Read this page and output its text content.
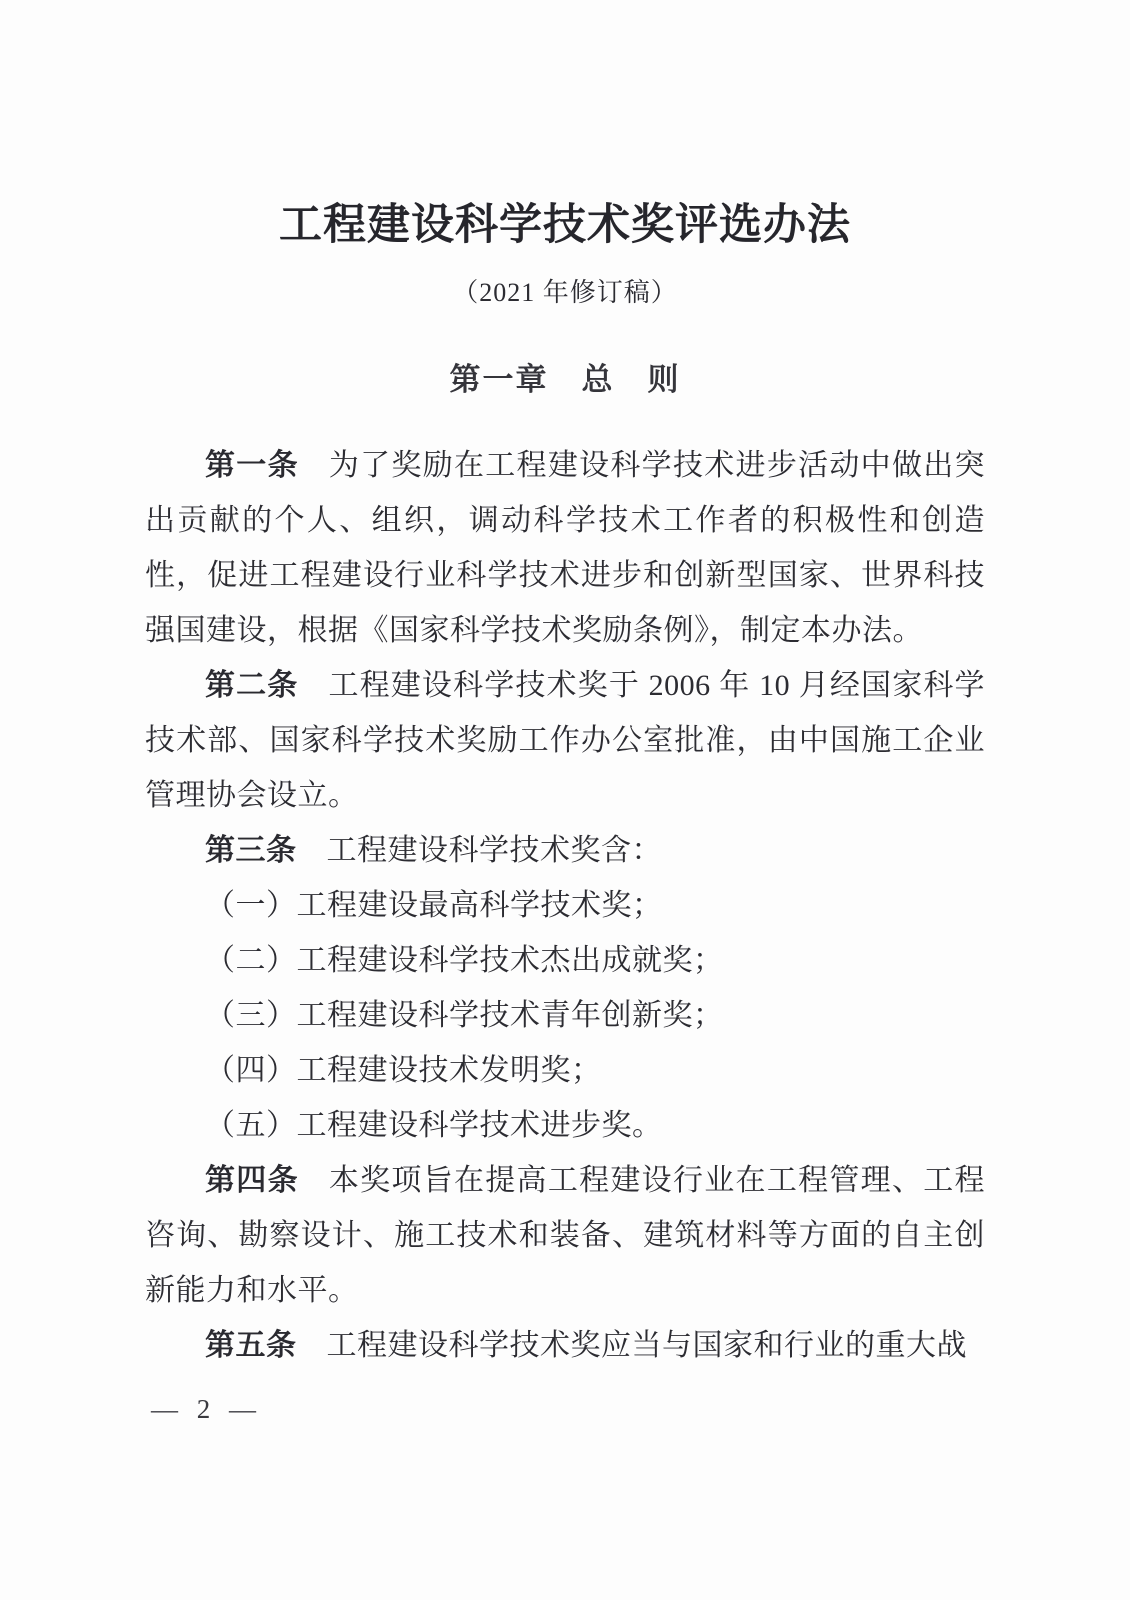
工程建设科学技术奖评选办法
（2021 年修订稿）
第一章　总　则

第一条 为了奖励在工程建设科学技术进步活动中做出突出贡献的个人、组织，调动科学技术工作者的积极性和创造性，促进工程建设行业科学技术进步和创新型国家、世界科技强国建设，根据《国家科学技术奖励条例》，制定本办法。

第二条 工程建设科学技术奖于 2006 年 10 月经国家科学技术部、国家科学技术奖励工作办公室批准，由中国施工企业管理协会设立。

第三条 工程建设科学技术奖含：

（一）工程建设最高科学技术奖；

（二）工程建设科学技术杰出成就奖；

（三）工程建设科学技术青年创新奖；

（四）工程建设技术发明奖；

（五）工程建设科学技术进步奖。

第四条 本奖项旨在提高工程建设行业在工程管理、工程咨询、勘察设计、施工技术和装备、建筑材料等方面的自主创新能力和水平。

第五条 工程建设科学技术奖应当与国家和行业的重大战

— 2 —
